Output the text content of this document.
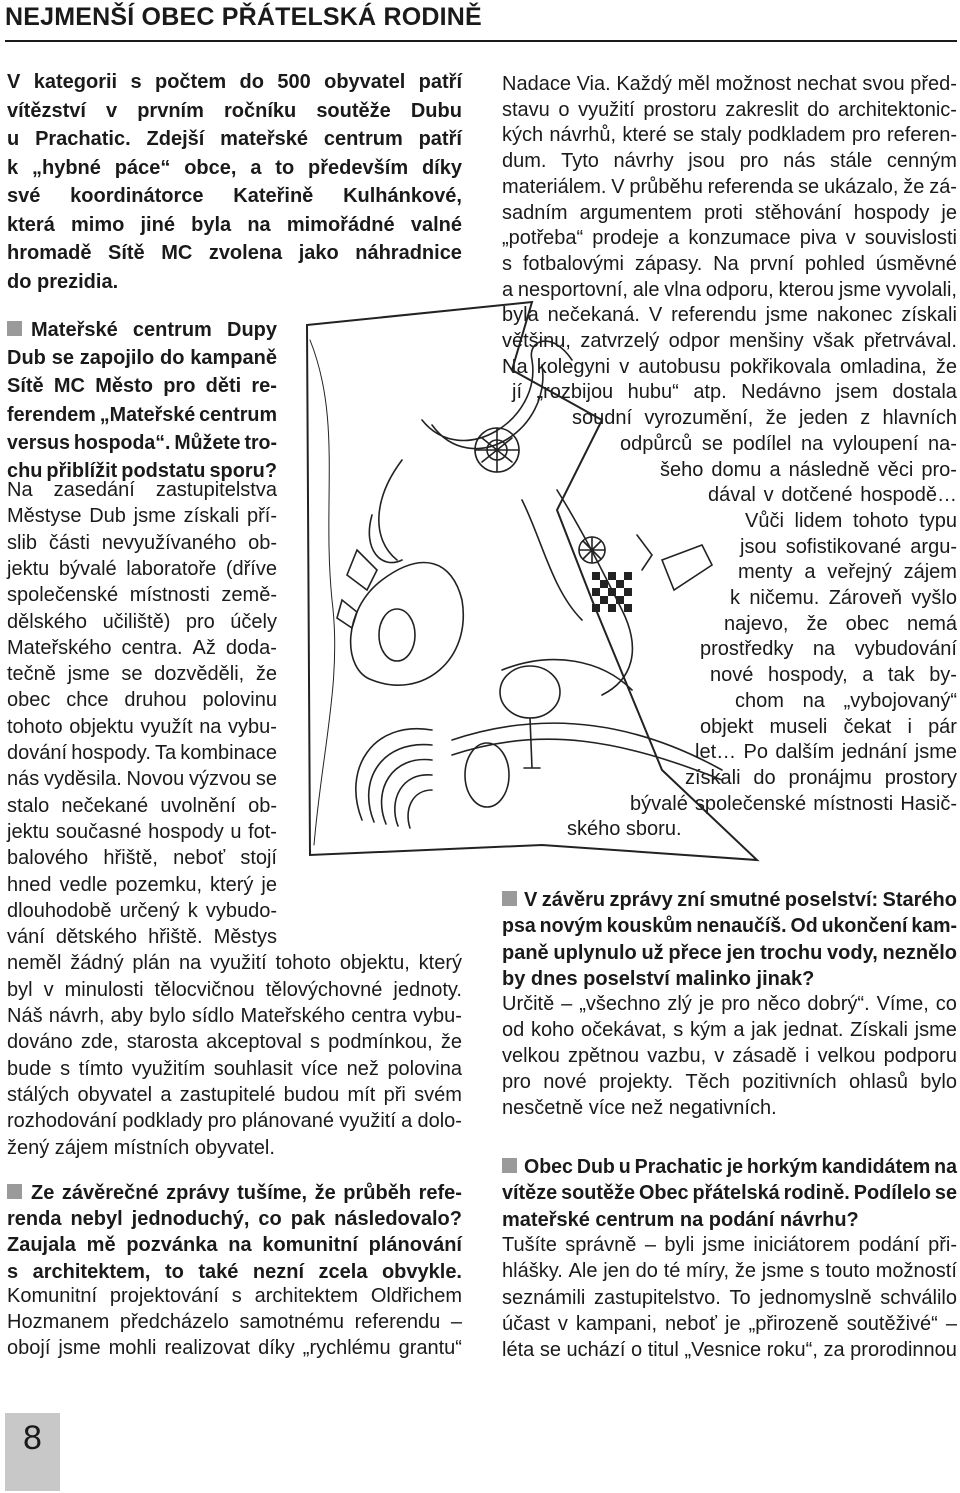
NEJMENŠÍ OBEC PŘÁTELSKÁ RODINĚ
V kategorii s počtem do 500 obyvatel patří
vítězství v prvním ročníku soutěže Dubu
u Prachatic. Zdejší mateřské centrum patří
k „hybné páce“ obce, a to především díky
své koordinátorce Kateřině Kulhánkové,
která mimo jiné byla na mimořádné valné
hromadě Sítě MC zvolena jako náhradnice
do prezidia.
Mateřské centrum Dupy
Dub se zapojilo do kampaně
Sítě MC Město pro děti re-
ferendem „Mateřské centrum
versus hospoda“. Můžete tro-
chu přiblížit podstatu sporu?
Na zasedání zastupitelstva
Městyse Dub jsme získali pří-
slib části nevyužívaného ob-
jektu bývalé laboratoře (dříve
společenské místnosti země-
dělského učiliště) pro účely
Mateřského centra. Až doda-
tečně jsme se dozvěděli, že
obec chce druhou polovinu
tohoto objektu využít na vybu-
dování hospody. Ta kombinace
nás vyděsila. Novou výzvou se
stalo nečekané uvolnění ob-
jektu současné hospody u fot-
balového hřiště, neboť stojí
hned vedle pozemku, který je
dlouhodobě určený k vybudo-
vání dětského hřiště. Městys
neměl žádný plán na využití tohoto objektu, který
byl v minulosti tělocvičnou tělovýchovné jednoty.
Náš návrh, aby bylo sídlo Mateřského centra vybu-
dováno zde, starosta akceptoval s podmínkou, že
bude s tímto využitím souhlasit více než polovina
stálých obyvatel a zastupitelé budou mít při svém
rozhodování podklady pro plánované využití a dolo-
žený zájem místních obyvatel.
Ze závěrečné zprávy tušíme, že průběh refe-
renda nebyl jednoduchý, co pak následovalo?
Zaujala mě pozvánka na komunitní plánování
s architektem, to také nezní zcela obvykle.
Komunitní projektování s architektem Oldřichem
Hozmanem předcházelo samotnému referendu –
obojí jsme mohli realizovat díky „rychlému grantu“
Nadace Via. Každý měl možnost nechat svou před-
stavu o využití prostoru zakreslit do architektonic-
kých návrhů, které se staly podkladem pro referen-
dum. Tyto návrhy jsou pro nás stále cenným
materiálem. V průběhu referenda se ukázalo, že zá-
sadním argumentem proti stěhování hospody je
„potřeba“ prodeje a konzumace piva v souvislosti
s fotbalovými zápasy. Na první pohled úsměvné
a nesportovní, ale vlna odporu, kterou jsme vyvolali,
byla nečekaná. V referendu jsme nakonec získali
většinu, zatvrzelý odpor menšiny však přetrvával.
Na kolegyni v autobusu pokřikovala omladina, že
jí „rozbijou hubu“ atp. Nedávno jsem dostala
soudní vyrozumění, že jeden z hlavních
odpůrců se podílel na vyloupení na-
šeho domu a následně věci pro-
dával v dotčené hospodě…
Vůči lidem tohoto typu
jsou sofistikované argu-
menty a veřejný zájem
k ničemu. Zároveň vyšlo
najevo, že obec nemá
prostředky na vybudování
nové hospody, a tak by-
chom na „vybojovaný“
objekt museli čekat i pár
let… Po dalším jednání jsme
získali do pronájmu prostory
bývalé společenské místnosti Hasič-
ského sboru.
V závěru zprávy zní smutné poselství: Starého
psa novým kouskům nenaučíš. Od ukončení kam-
paně uplynulo už přece jen trochu vody, neznělo
by dnes poselství malinko jinak?
Určitě – „všechno zlý je pro něco dobrý“. Víme, co
od koho očekávat, s kým a jak jednat. Získali jsme
velkou zpětnou vazbu, v zásadě i velkou podporu
pro nové projekty. Těch pozitivních ohlasů bylo
nesčetně více než negativních.
Obec Dub u Prachatic je horkým kandidátem na
vítěze soutěže Obec přátelská rodině. Podílelo se
mateřské centrum na podání návrhu?
Tušíte správně – byli jsme iniciátorem podání při-
hlášky. Ale jen do té míry, že jsme s touto možností
seznámili zastupitelstvo. To jednomyslně schválilo
účast v kampani, neboť je „přirozeně soutěživé“ –
léta se uchází o titul „Vesnice roku“, za prorodinnou
8
